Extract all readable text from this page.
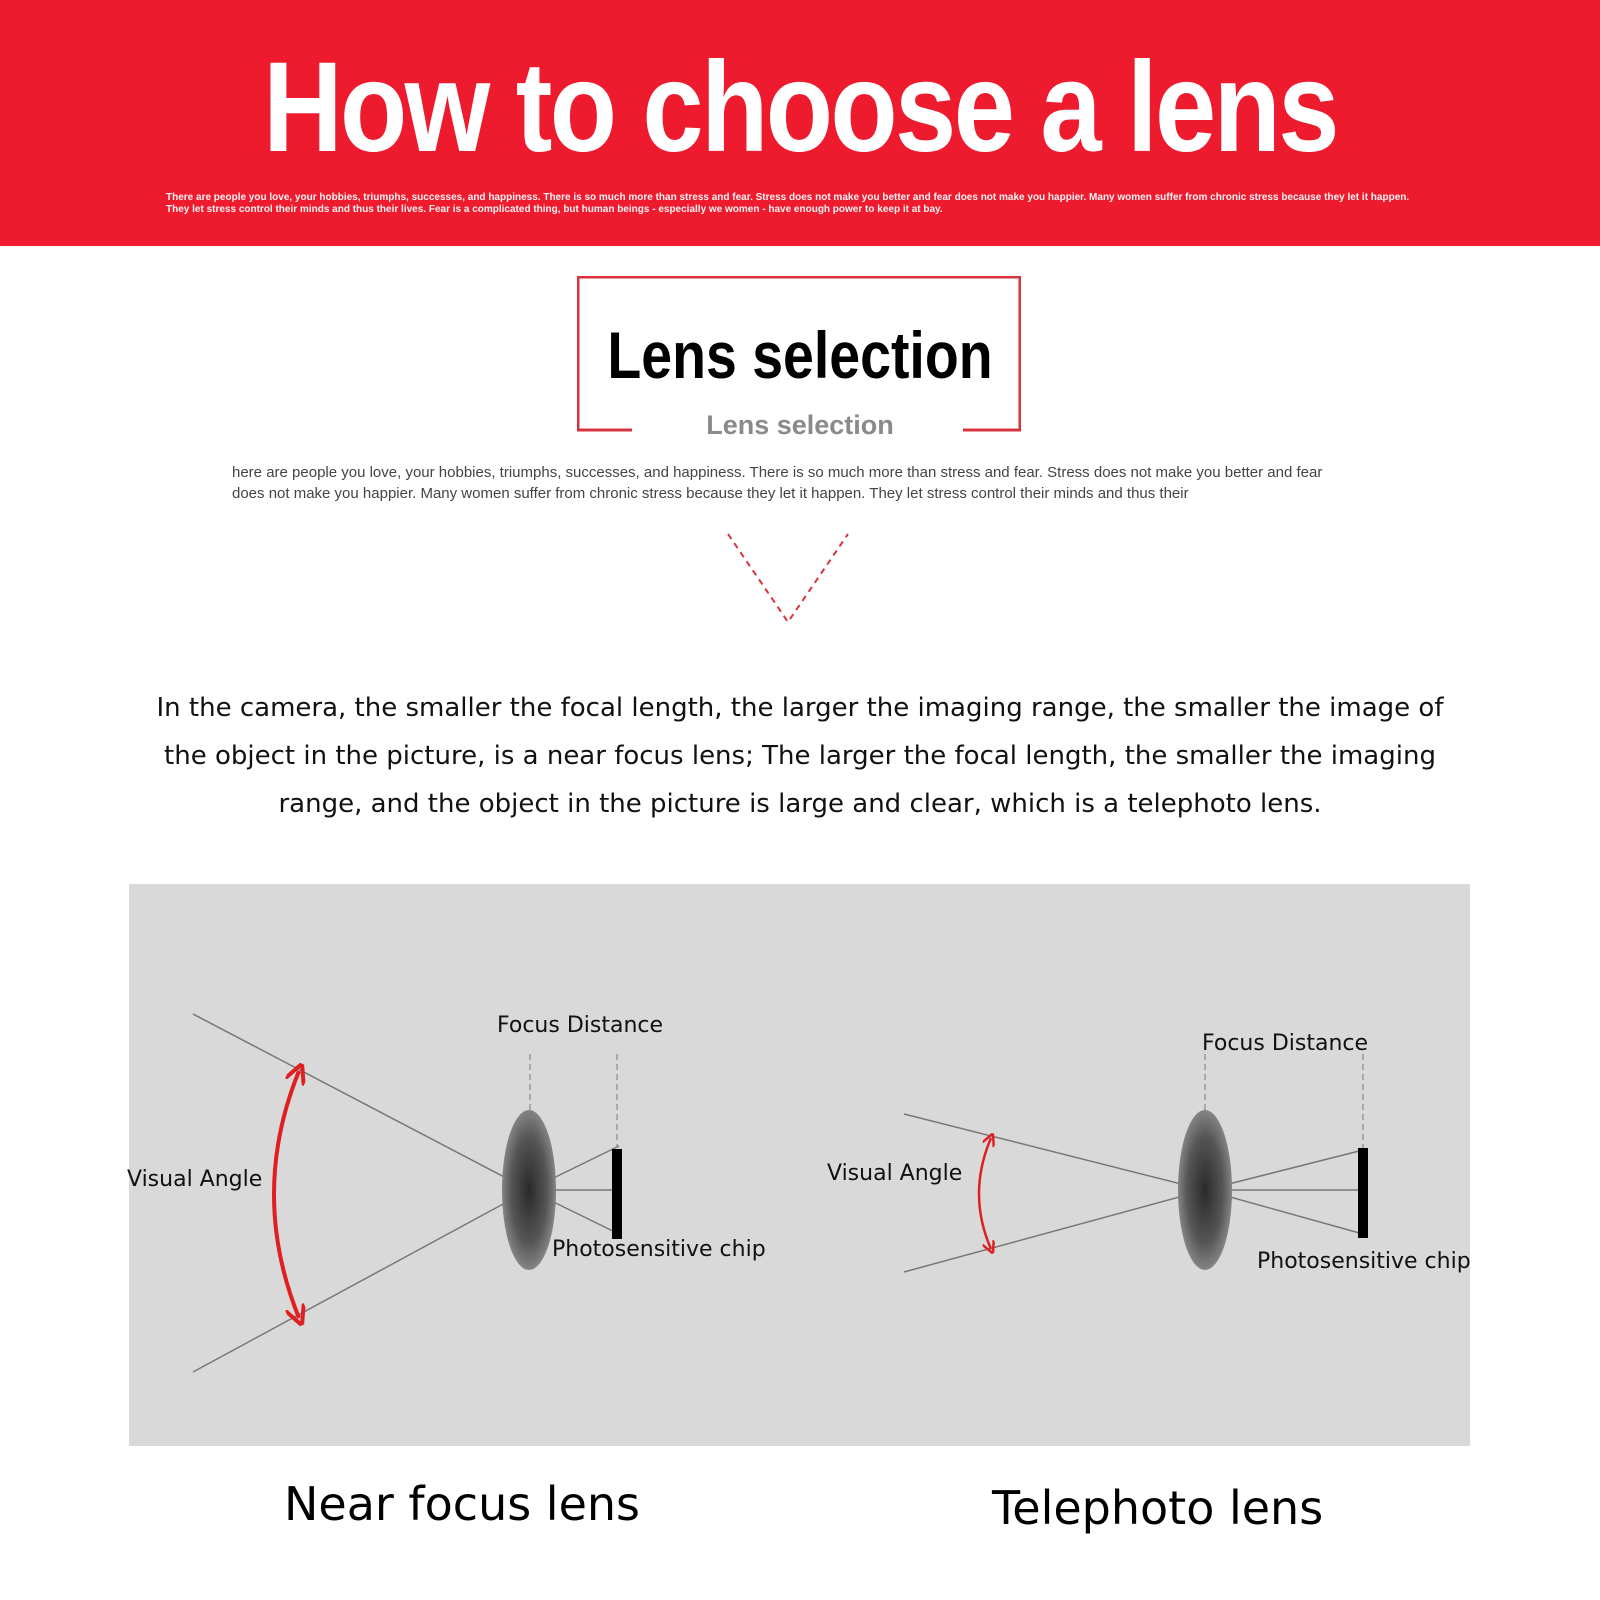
How to choose a lens
There are people you love, your hobbies, triumphs, successes, and happiness. There is so much more than stress and fear. Stress does not make you better and fear does not make you happier. Many women suffer from chronic stress because they let it happen. They let stress control their minds and thus their lives. Fear is a complicated thing, but human beings - especially we women - have enough power to keep it at bay.
Lens selection
Lens selection
here are people you love, your hobbies, triumphs, successes, and happiness. There is so much more than stress and fear. Stress does not make you better and fear does not make you happier. Many women suffer from chronic stress because they let it happen. They let stress control their minds and thus their
In the camera, the smaller the focal length, the larger the imaging range, the smaller the image of the object in the picture, is a near focus lens; The larger the focal length, the smaller the imaging range, and the object in the picture is large and clear, which is a telephoto lens.
Focus Distance
Visual Angle
Photosensitive chip
Focus Distance
Visual Angle
Photosensitive chip
Near focus lens	Telephoto lens
